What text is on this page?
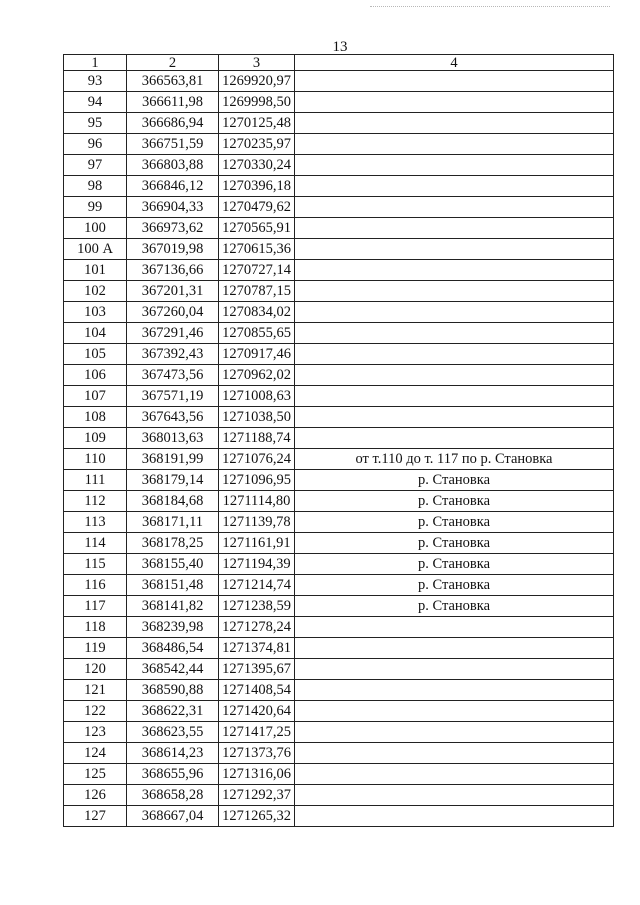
13
1	2	3	4
93	366563,81	1269920,97	
94	366611,98	1269998,50	
95	366686,94	1270125,48	
96	366751,59	1270235,97	
97	366803,88	1270330,24	
98	366846,12	1270396,18	
99	366904,33	1270479,62	
100	366973,62	1270565,91	
100 А	367019,98	1270615,36	
101	367136,66	1270727,14	
102	367201,31	1270787,15	
103	367260,04	1270834,02	
104	367291,46	1270855,65	
105	367392,43	1270917,46	
106	367473,56	1270962,02	
107	367571,19	1271008,63	
108	367643,56	1271038,50	
109	368013,63	1271188,74	
110	368191,99	1271076,24	от т.110 до т. 117 по р. Становка
111	368179,14	1271096,95	р. Становка
112	368184,68	1271114,80	р. Становка
113	368171,11	1271139,78	р. Становка
114	368178,25	1271161,91	р. Становка
115	368155,40	1271194,39	р. Становка
116	368151,48	1271214,74	р. Становка
117	368141,82	1271238,59	р. Становка
118	368239,98	1271278,24	
119	368486,54	1271374,81	
120	368542,44	1271395,67	
121	368590,88	1271408,54	
122	368622,31	1271420,64	
123	368623,55	1271417,25	
124	368614,23	1271373,76	
125	368655,96	1271316,06	
126	368658,28	1271292,37	
127	368667,04	1271265,32	
